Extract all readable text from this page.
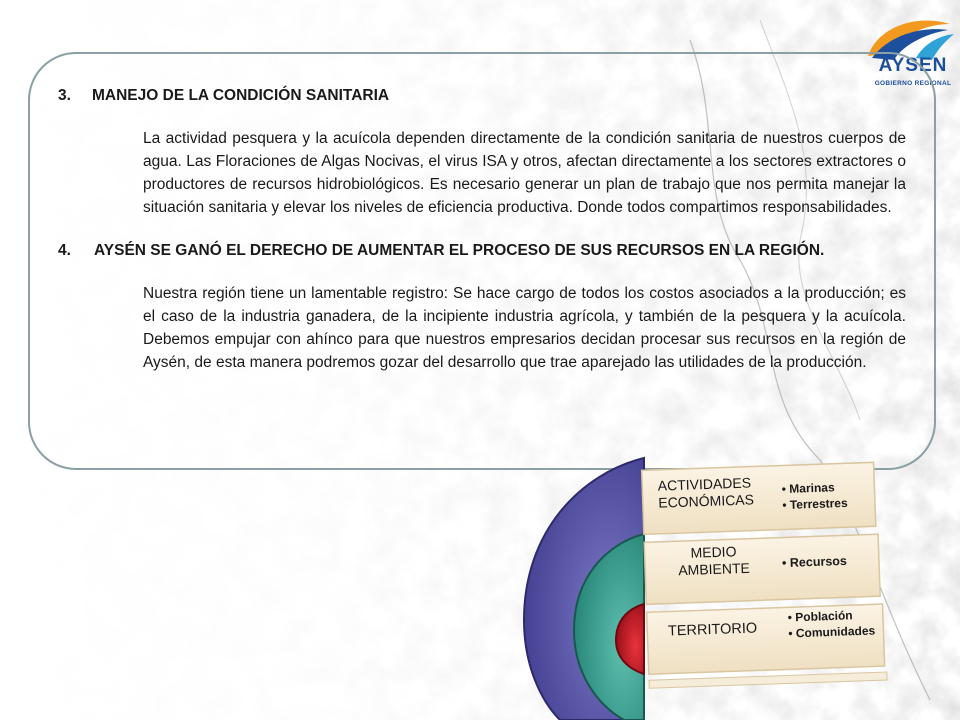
AYSEN
GOBIERNO REGIONAL
3.	MANEJO DE LA CONDICIÓN SANITARIA

La actividad pesquera y la acuícola dependen directamente de la condición sanitaria de nuestros cuerpos de agua. Las Floraciones de Algas Nocivas, el virus ISA y otros, afectan directamente a los sectores extractores o productores de recursos hidrobiológicos. Es necesario generar un plan de trabajo que nos permita manejar la situación sanitaria y elevar los niveles de eficiencia productiva. Donde todos compartimos responsabilidades.

4.	AYSÉN SE GANÓ EL DERECHO DE AUMENTAR EL PROCESO DE SUS RECURSOS EN LA REGIÓN.

Nuestra región tiene un lamentable registro: Se hace cargo de todos los costos asociados a la producción; es el caso de la industria ganadera, de la incipiente industria agrícola, y también de la pesquera y la acuícola. Debemos empujar con ahínco para que nuestros empresarios decidan procesar sus recursos en la región de Aysén, de esta manera podremos gozar del desarrollo que trae aparejado las utilidades de la producción.

ACTIVIDADES
ECONÓMICAS
• Marinas
• Terrestres
MEDIO
AMBIENTE	• Recursos
TERRITORIO
• Población
• Comunidades
